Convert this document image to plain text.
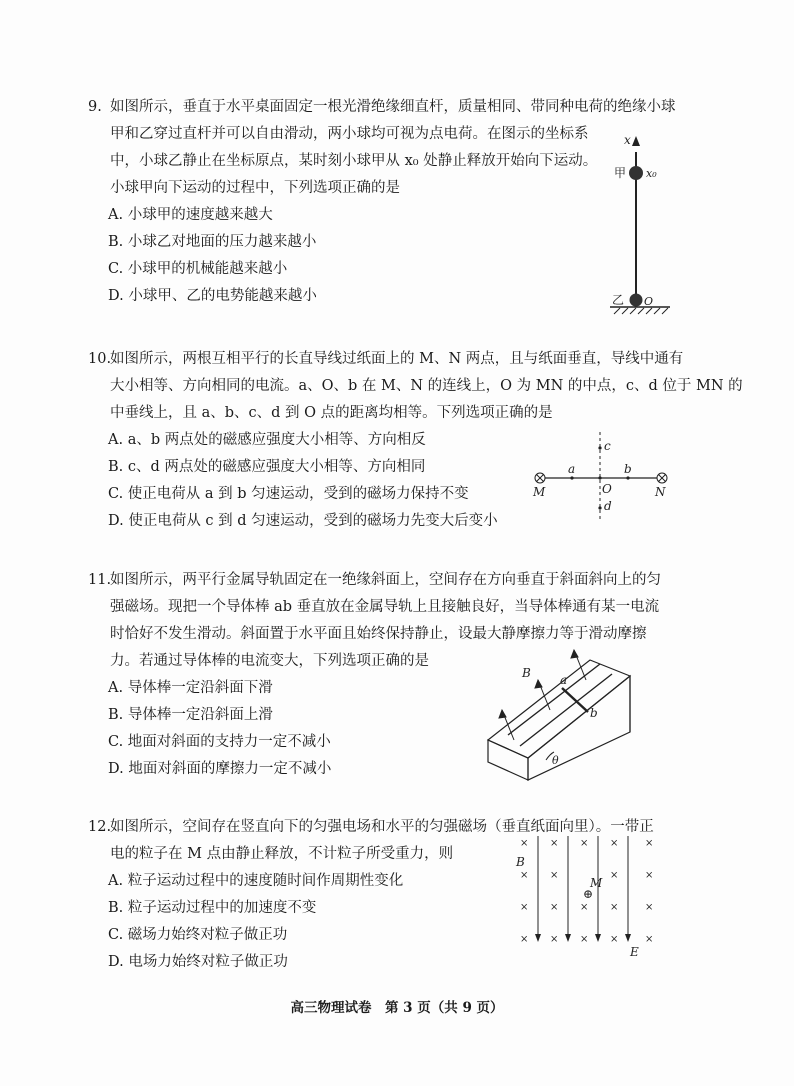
9. 如图所示，垂直于水平桌面固定一根光滑绝缘细直杆，质量相同、带同种电荷的绝缘小球

甲和乙穿过直杆并可以自由滑动，两小球均可视为点电荷。在图示的坐标系

中，小球乙静止在坐标原点，某时刻小球甲从 x₀ 处静止释放开始向下运动。

小球甲向下运动的过程中，下列选项正确的是

A. 小球甲的速度越来越大

B. 小球乙对地面的压力越来越小

C. 小球甲的机械能越来越小

D. 小球甲、乙的电势能越来越小

x
甲 x₀
乙 O

10.如图所示，两根互相平行的长直导线过纸面上的 M、N 两点，且与纸面垂直，导线中通有

大小相等、方向相同的电流。a、O、b 在 M、N 的连线上，O 为 MN 的中点，c、d 位于 MN 的

中垂线上，且 a、b、c、d 到 O 点的距离均相等。下列选项正确的是

A. a、b 两点处的磁感应强度大小相等、方向相反

B. c、d 两点处的磁感应强度大小相等、方向相同

C. 使正电荷从 a 到 b 匀速运动，受到的磁场力保持不变

D. 使正电荷从 c 到 d 匀速运动，受到的磁场力先变大后变小

M	N
a	b
c
d
O

11.如图所示，两平行金属导轨固定在一绝缘斜面上，空间存在方向垂直于斜面斜向上的匀

强磁场。现把一个导体棒 ab 垂直放在金属导轨上且接触良好，当导体棒通有某一电流

时恰好不发生滑动。斜面置于水平面且始终保持静止，设最大静摩擦力等于滑动摩擦

力。若通过导体棒的电流变大，下列选项正确的是

A. 导体棒一定沿斜面下滑

B. 导体棒一定沿斜面上滑

C. 地面对斜面的支持力一定不减小

D. 地面对斜面的摩擦力一定不减小

B a
b
θ

12.如图所示，空间存在竖直向下的匀强电场和水平的匀强磁场（垂直纸面向里）。一带正

电的粒子在 M 点由静止释放，不计粒子所受重力，则

A. 粒子运动过程中的速度随时间作周期性变化

B. 粒子运动过程中的加速度不变

C. 磁场力始终对粒子做正功

D. 电场力始终对粒子做正功

×
×
×
×
×
×
×
×
×
×
×
×
×
×
×
×
×
×
×
B
E
M
⊕
高三物理试卷　第 3 页（共 9 页）
